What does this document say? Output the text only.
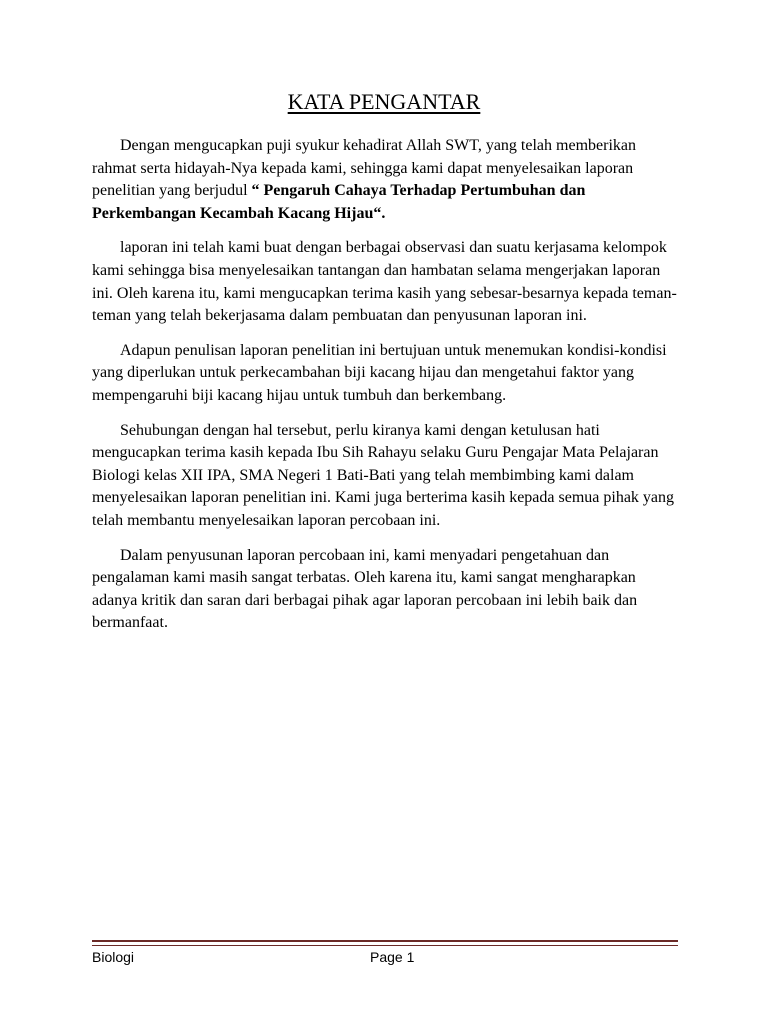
KATA PENGANTAR

Dengan mengucapkan puji syukur kehadirat Allah SWT, yang telah memberikan rahmat serta hidayah-Nya kepada kami, sehingga kami dapat menyelesaikan laporan penelitian yang berjudul “ Pengaruh Cahaya Terhadap Pertumbuhan dan Perkembangan Kecambah Kacang Hijau“.

laporan ini telah kami buat dengan berbagai observasi dan suatu kerjasama kelompok kami sehingga bisa menyelesaikan tantangan dan hambatan selama mengerjakan laporan ini. Oleh karena itu, kami mengucapkan terima kasih yang sebesar-besarnya kepada teman-teman yang telah bekerjasama dalam pembuatan dan penyusunan laporan ini.

Adapun penulisan laporan penelitian ini bertujuan untuk menemukan kondisi-kondisi yang diperlukan untuk perkecambahan biji kacang hijau dan mengetahui faktor yang mempengaruhi biji kacang hijau untuk tumbuh dan berkembang.

Sehubungan dengan hal tersebut, perlu kiranya kami dengan ketulusan hati mengucapkan terima kasih kepada Ibu Sih Rahayu selaku Guru Pengajar Mata Pelajaran Biologi kelas XII IPA, SMA Negeri 1 Bati-Bati yang telah membimbing kami dalam menyelesaikan laporan penelitian ini. Kami juga berterima kasih kepada semua pihak yang telah membantu menyelesaikan laporan percobaan ini.

Dalam penyusunan laporan percobaan ini, kami menyadari pengetahuan dan pengalaman kami masih sangat terbatas. Oleh karena itu, kami sangat mengharapkan adanya kritik dan saran dari berbagai pihak agar laporan percobaan ini lebih baik dan bermanfaat.

Biologi	Page 1
